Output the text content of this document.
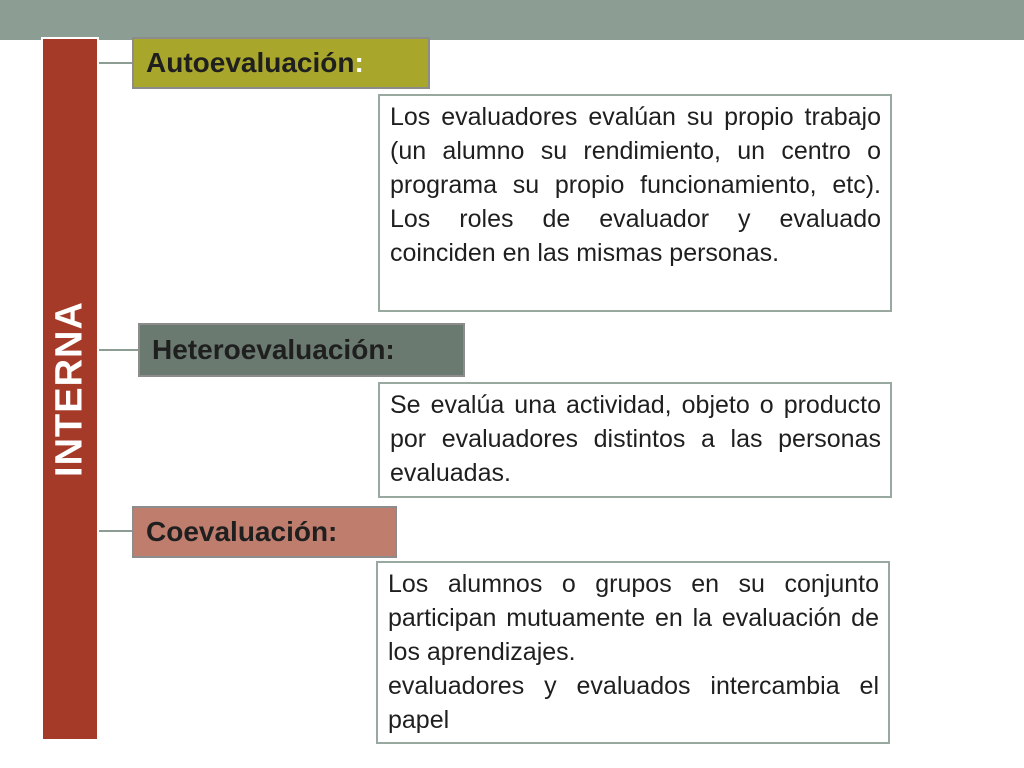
INTERNA
Autoevaluación :

Los evaluadores evalúan su propio trabajo (un alumno su rendimiento, un centro o programa su propio funcionamiento, etc). Los roles de evaluador y evaluado coinciden en las mismas personas.

Heteroevaluación:

Se evalúa una actividad, objeto o producto por evaluadores distintos a las personas evaluadas.

Coevaluación:

Los alumnos o grupos en su conjunto participan mutuamente en la evaluación de los aprendizajes.

evaluadores y evaluados intercambia el papel
